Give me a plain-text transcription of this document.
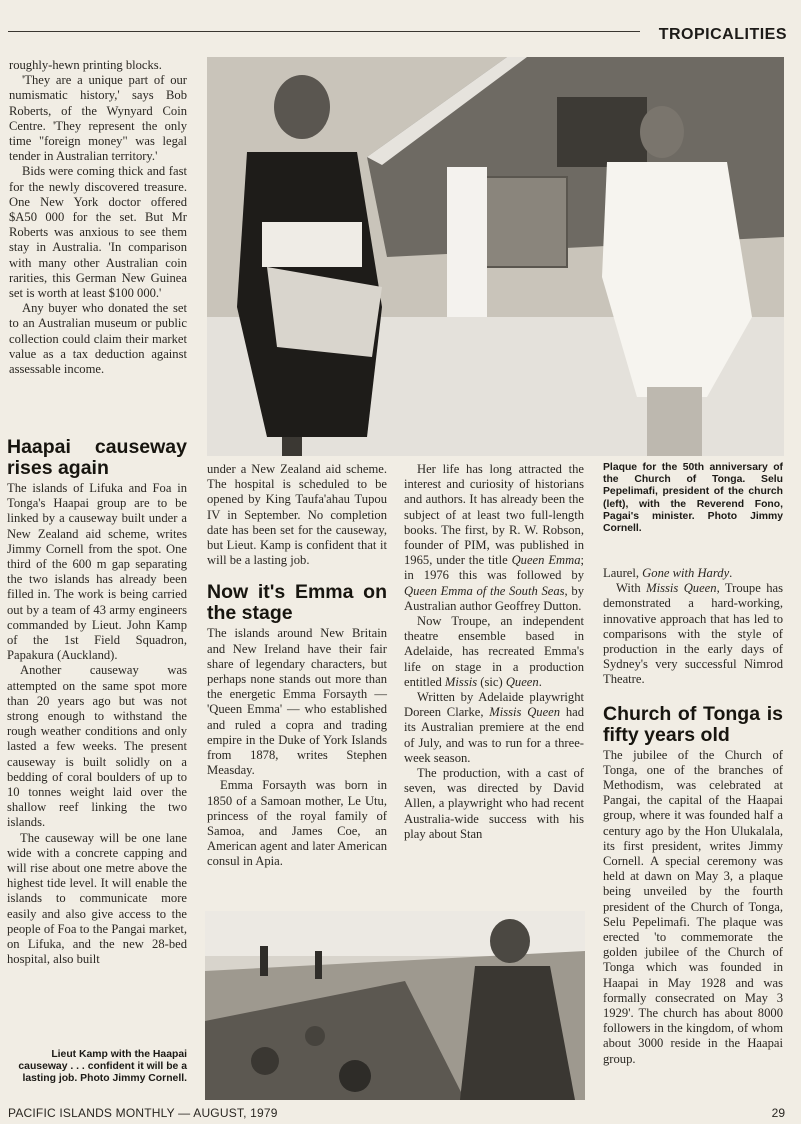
TROPICALITIES

roughly-hewn printing blocks.

'They are a unique part of our numismatic history,' says Bob Roberts, of the Wynyard Coin Centre. 'They represent the only time "foreign money" was legal tender in Australian territory.'

Bids were coming thick and fast for the newly discovered treasure. One New York doctor offered $A50 000 for the set. But Mr Roberts was anxious to see them stay in Australia. 'In comparison with many other Australian coin rarities, this German New Guinea set is worth at least $100 000.'

Any buyer who donated the set to an Australian museum or public collection could claim their market value as a tax deduction against assessable income.

Haapai causeway rises again

The islands of Lifuka and Foa in Tonga's Haapai group are to be linked by a causeway built under a New Zealand aid scheme, writes Jimmy Cornell from the spot. One third of the 600 m gap separating the two islands has already been filled in. The work is being carried out by a team of 43 army engineers commanded by Lieut. John Kamp of the 1st Field Squadron, Papakura (Auckland).

Another causeway was attempted on the same spot more than 20 years ago but was not strong enough to withstand the rough weather conditions and only lasted a few weeks. The present causeway is built solidly on a bedding of coral boulders of up to 10 tonnes weight laid over the shallow reef linking the two islands.

The causeway will be one lane wide with a concrete capping and will rise about one metre above the highest tide level. It will enable the islands to communicate more easily and also give access to the people of Foa to the Pangai market, on Lifuka, and the new 28-bed hospital, also built

Lieut Kamp with the Haapai causeway . . . confident it will be a lasting job. Photo Jimmy Cornell.

Plaque for the 50th anniversary of the Church of Tonga. Selu Pepelimafi, president of the church (left), with the Reverend Fono, Pagai's minister. Photo Jimmy Cornell.

under a New Zealand aid scheme. The hospital is scheduled to be opened by King Taufa'ahau Tupou IV in September. No completion date has been set for the causeway, but Lieut. Kamp is confident that it will be a lasting job.

Now it's Emma on the stage

The islands around New Britain and New Ireland have their fair share of legendary characters, but perhaps none stands out more than the energetic Emma Forsayth — 'Queen Emma' — who established and ruled a copra and trading empire in the Duke of York Islands from 1878, writes Stephen Measday.

Emma Forsayth was born in 1850 of a Samoan mother, Le Utu, princess of the royal family of Samoa, and James Coe, an American agent and later American consul in Apia.

Her life has long attracted the interest and curiosity of historians and authors. It has already been the subject of at least two full-length books. The first, by R. W. Robson, founder of PIM, was published in 1965, under the title Queen Emma; in 1976 this was followed by Queen Emma of the South Seas, by Australian author Geoffrey Dutton.

Now Troupe, an independent theatre ensemble based in Adelaide, has recreated Emma's life on stage in a production entitled Missis (sic) Queen.

Written by Adelaide playwright Doreen Clarke, Missis Queen had its Australian premiere at the end of July, and was to run for a three-week season.

The production, with a cast of seven, was directed by David Allen, a playwright who had recent Australia-wide success with his play about Stan

Laurel, Gone with Hardy.

With Missis Queen, Troupe has demonstrated a hard-working, innovative approach that has led to comparisons with the style of production in the early days of Sydney's very successful Nimrod Theatre.

Church of Tonga is fifty years old

The jubilee of the Church of Tonga, one of the branches of Methodism, was celebrated at Pangai, the capital of the Haapai group, where it was founded half a century ago by the Hon Ulukalala, its first president, writes Jimmy Cornell. A special ceremony was held at dawn on May 3, a plaque being unveiled by the fourth president of the Church of Tonga, Selu Pepelimafi. The plaque was erected 'to commemorate the golden jubilee of the Church of Tonga which was founded in Haapai in May 1928 and was formally consecrated on May 3 1929'. The church has about 8000 followers in the kingdom, of whom about 3000 reside in the Haapai group.

PACIFIC ISLANDS MONTHLY — AUGUST, 1979	29
